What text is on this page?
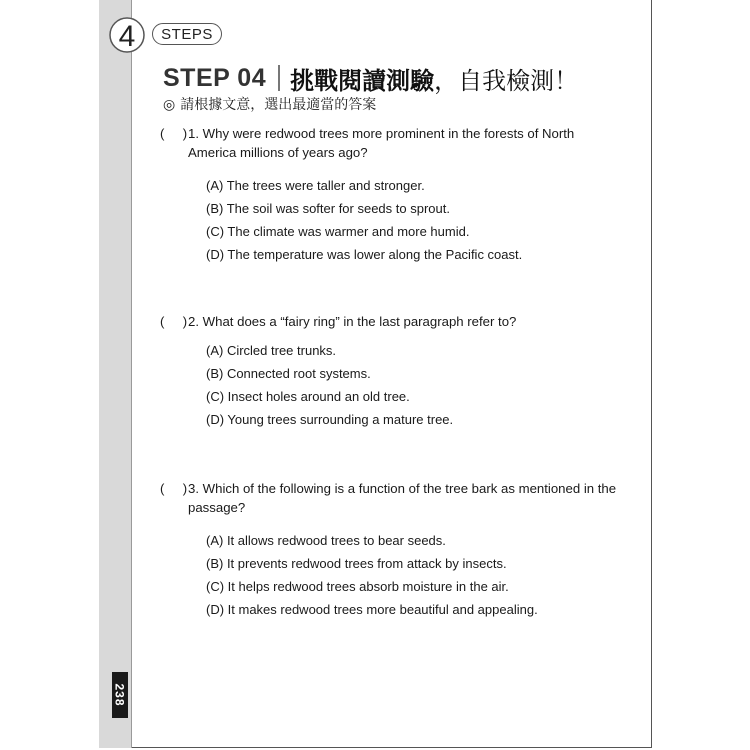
4	STEPS
STEP 04 挑戰閱讀測驗 ，自我檢測！
◎ 請根據文意，選出最適當的答案
(     ) 1. Why were redwood trees more prominent in the forests of North America millions of years ago?
(A) The trees were taller and stronger.
(B) The soil was softer for seeds to sprout.
(C) The climate was warmer and more humid.
(D) The temperature was lower along the Pacific coast.
(     ) 2. What does a “fairy ring” in the last paragraph refer to?
(A) Circled tree trunks.
(B) Connected root systems.
(C) Insect holes around an old tree.
(D) Young trees surrounding a mature tree.
(     ) 3. Which of the following is a function of the tree bark as mentioned in the passage?
(A) It allows redwood trees to bear seeds.
(B) It prevents redwood trees from attack by insects.
(C) It helps redwood trees absorb moisture in the air.
(D) It makes redwood trees more beautiful and appealing.
238
